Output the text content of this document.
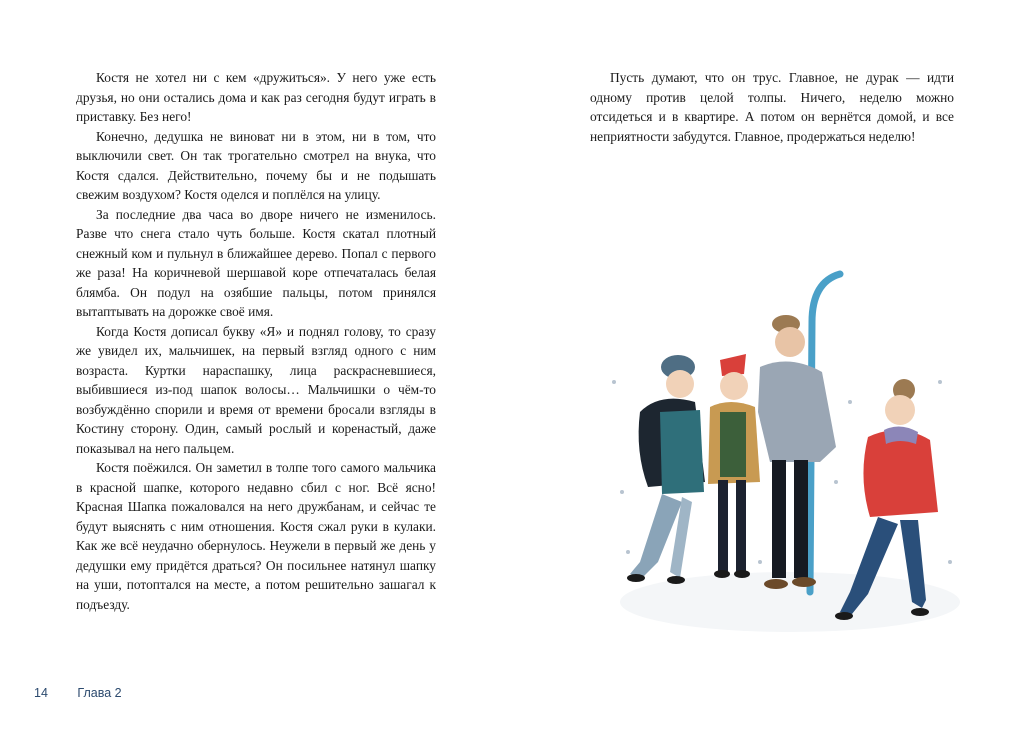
Костя не хотел ни с кем «дружиться». У него уже есть друзья, но они остались дома и как раз сегодня будут играть в приставку. Без него!

Конечно, дедушка не виноват ни в этом, ни в том, что выключили свет. Он так трогательно смотрел на внука, что Костя сдался. Действительно, почему бы и не подышать свежим воздухом? Костя оделся и поплёлся на улицу.

За последние два часа во дворе ничего не изменилось. Разве что снега стало чуть больше. Костя скатал плотный снежный ком и пульнул в ближайшее дерево. Попал с первого же раза! На коричневой шершавой коре отпечаталась белая блямба. Он подул на озябшие пальцы, потом принялся вытаптывать на дорожке своё имя.

Когда Костя дописал букву «Я» и поднял голову, то сразу же увидел их, мальчишек, на первый взгляд одного с ним возраста. Куртки нараспашку, лица раскрасневшиеся, выбившиеся из-под шапок волосы… Мальчишки о чём-то возбуждённо спорили и время от времени бросали взгляды в Костину сторону. Один, самый рослый и коренастый, даже показывал на него пальцем.

Костя поёжился. Он заметил в толпе того самого мальчика в красной шапке, которого недавно сбил с ног. Всё ясно! Красная Шапка пожаловался на него дружбанам, и сейчас те будут выяснять с ним отношения. Костя сжал руки в кулаки. Как же всё неудачно обернулось. Неужели в первый же день у дедушки ему придётся драться? Он посильнее натянул шапку на уши, потоптался на месте, а потом решительно зашагал к подъезду.

14 Глава 2

Пусть думают, что он трус. Главное, не дурак — идти одному против целой толпы. Ничего, неделю можно отсидеться и в квартире. А потом он вернётся домой, и все неприятности забудутся. Главное, продержаться неделю!
